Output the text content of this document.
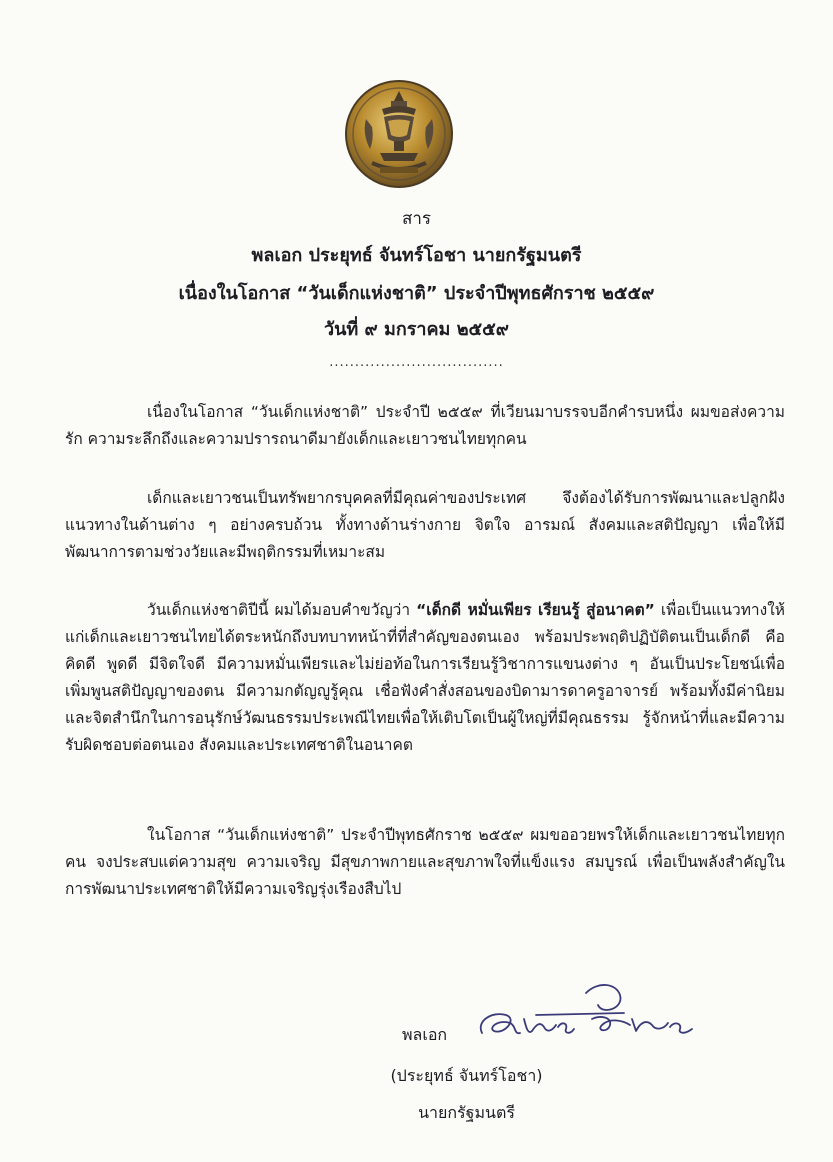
สาร
พลเอก ประยุทธ์ จันทร์โอชา นายกรัฐมนตรี
เนื่องในโอกาส “วันเด็กแห่งชาติ” ประจำปีพุทธศักราช ๒๕๕๙
วันที่ ๙ มกราคม ๒๕๕๙
..................................
เนื่องในโอกาส “วันเด็กแห่งชาติ” ประจำปี ๒๕๕๙ ที่เวียนมาบรรจบอีกคำรบหนึ่ง ผมขอส่งความรัก ความระลึกถึงและความปรารถนาดีมายังเด็กและเยาวชนไทยทุกคน
เด็กและเยาวชนเป็นทรัพยากรบุคคลที่มีคุณค่าของประเทศ จึงต้องได้รับการพัฒนาและปลูกฝังแนวทางในด้านต่าง ๆ อย่างครบถ้วน ทั้งทางด้านร่างกาย จิตใจ อารมณ์ สังคมและสติปัญญา เพื่อให้มีพัฒนาการตามช่วงวัยและมีพฤติกรรมที่เหมาะสม
วันเด็กแห่งชาติปีนี้ ผมได้มอบคำขวัญว่า “เด็กดี หมั่นเพียร เรียนรู้ สู่อนาคต” เพื่อเป็นแนวทางให้แก่เด็กและเยาวชนไทยได้ตระหนักถึงบทบาทหน้าที่ที่สำคัญของตนเอง พร้อมประพฤติปฏิบัติตนเป็นเด็กดี คือ คิดดี พูดดี มีจิตใจดี มีความหมั่นเพียรและไม่ย่อท้อในการเรียนรู้วิชาการแขนงต่าง ๆ อันเป็นประโยชน์เพื่อเพิ่มพูนสติปัญญาของตน มีความกตัญญูรู้คุณ เชื่อฟังคำสั่งสอนของบิดามารดาครูอาจารย์ พร้อมทั้งมีค่านิยมและจิตสำนึกในการอนุรักษ์วัฒนธรรมประเพณีไทยเพื่อให้เติบโตเป็นผู้ใหญ่ที่มีคุณธรรม รู้จักหน้าที่และมีความรับผิดชอบต่อตนเอง สังคมและประเทศชาติในอนาคต
ในโอกาส “วันเด็กแห่งชาติ” ประจำปีพุทธศักราช ๒๕๕๙ ผมขออวยพรให้เด็กและเยาวชนไทยทุกคน จงประสบแต่ความสุข ความเจริญ มีสุขภาพกายและสุขภาพใจที่แข็งแรง สมบูรณ์ เพื่อเป็นพลังสำคัญในการพัฒนาประเทศชาติให้มีความเจริญรุ่งเรืองสืบไป
พลเอก
(ประยุทธ์ จันทร์โอชา)
นายกรัฐมนตรี
